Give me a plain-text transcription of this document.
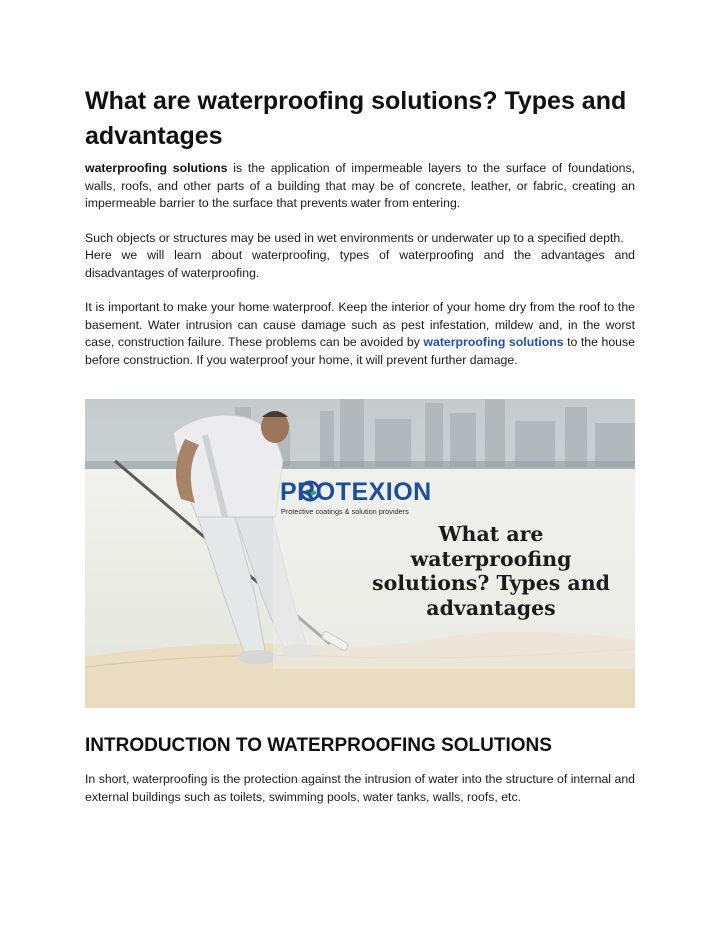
What are waterproofing solutions? Types and advantages

waterproofing solutions is the application of impermeable layers to the surface of foundations, walls, roofs, and other parts of a building that may be of concrete, leather, or fabric, creating an impermeable barrier to the surface that prevents water from entering.

Such objects or structures may be used in wet environments or underwater up to a specified depth.

Here we will learn about waterproofing, types of waterproofing and the advantages and disadvantages of waterproofing.

It is important to make your home waterproof. Keep the interior of your home dry from the roof to the basement. Water intrusion can cause damage such as pest infestation, mildew and, in the worst case, construction failure. These problems can be avoided by waterproofing solutions to the house before construction. If you waterproof your home, it will prevent further damage.

PROTEXION
Protective coatings & solution providers
What are waterproofing solutions? Types and advantages
INTRODUCTION TO WATERPROOFING SOLUTIONS

In short, waterproofing is the protection against the intrusion of water into the structure of internal and external buildings such as toilets, swimming pools, water tanks, walls, roofs, etc.
